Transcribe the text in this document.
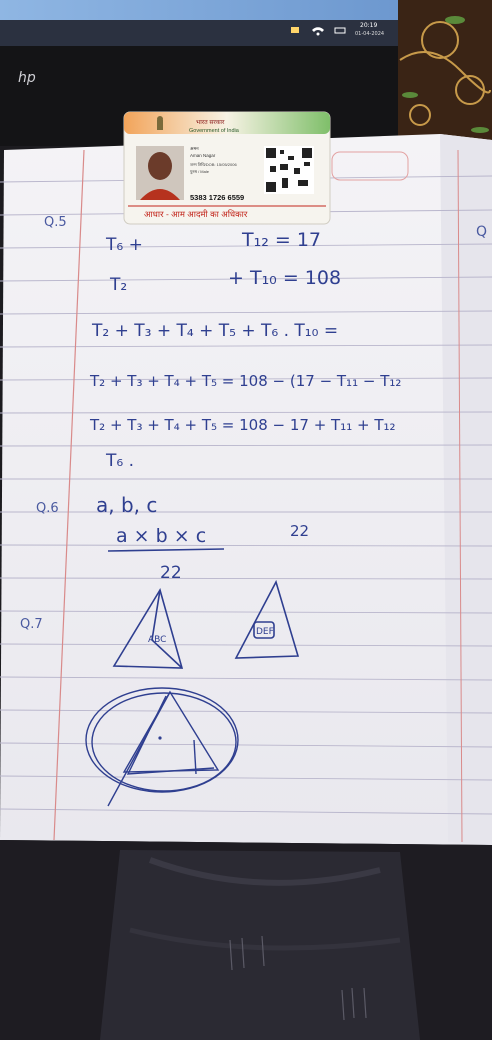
20:19
01-04-2024
hp
भारत सरकार
Government of India
अमन
Aman Nagar
जन्म तिथि/DOB: 15/05/2006
पुरुष / Male
5383 1726 6559
आधार - आम आदमी का अधिकार
Q.5
T₆ +	T₁₂ = 17
T₂	+ T₁₀ = 108
T₂ + T₃ + T₄ + T₅ + T₆ . T₁₀ =
T₂ + T₃ + T₄ + T₅ = 108 − (17 − T₁₁ − T₁₂
T₂ + T₃ + T₄ + T₅ = 108 − 17 + T₁₁ + T₁₂
T₆ .
Q
Q.6 a, b, c
a × b × c	22
22
Q.7
ABC
DEF
